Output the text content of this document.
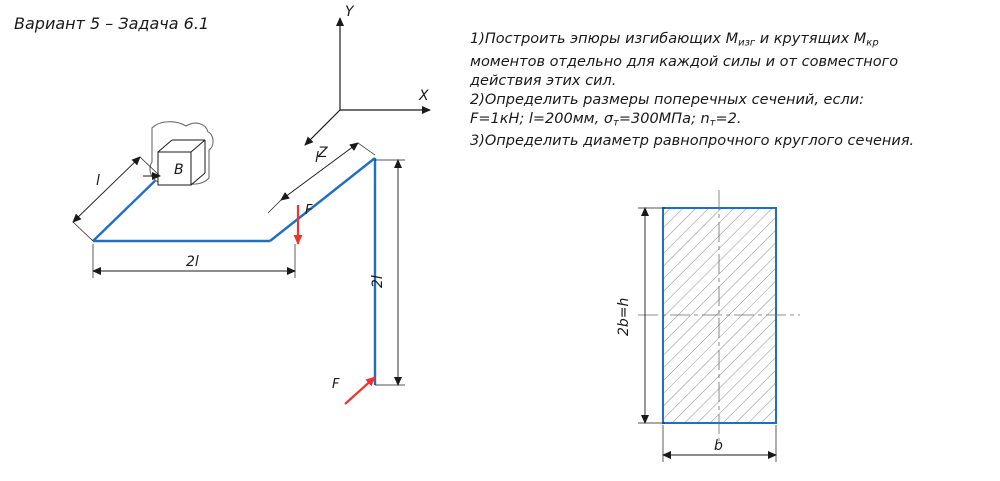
Вариант 5 – Задача 6.1

1)Построить эпюры изгибающих $M_{изг}$ и крутящих $M_{кр}$

моментов отдельно для каждой силы и от совместного

действия этих сил.

2)Определить размеры поперечных сечений, если:

F=1кН; l=200мм, $\sigma_т=300МПа$; $n_т=2$.

3)Определить диаметр равнопрочного круглого сечения.

Y
X
B
l
2l
l Z
2l
F
F
2b=h
b
